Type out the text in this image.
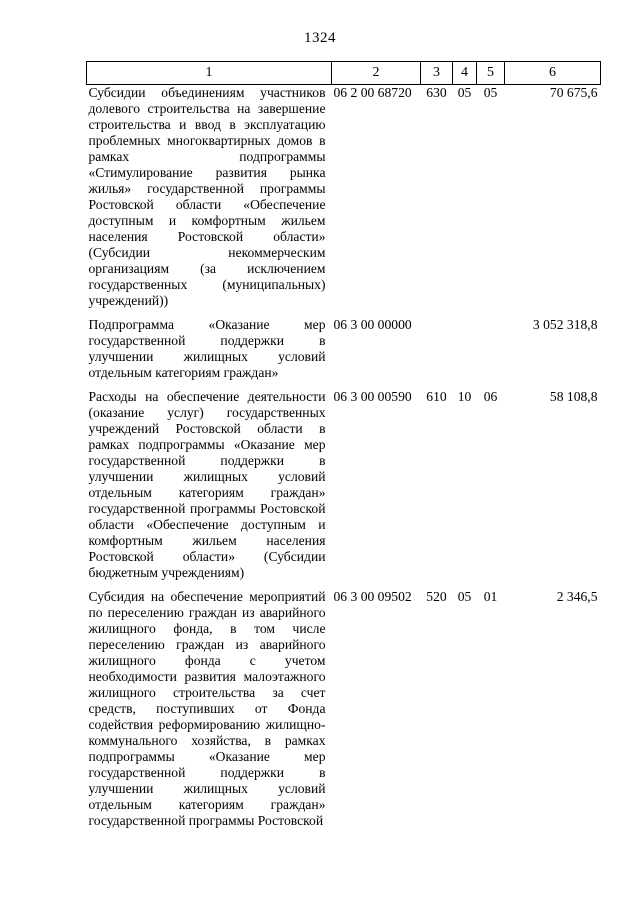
1324
1	2	3	4	5	6
Субсидии объединениям участников долевого строительства на завершение строительства и ввод в эксплуатацию проблемных многоквартирных домов в рамках подпрограммы «Стимулирование развития рынка жилья» государственной программы Ростовской области «Обеспечение доступным и комфортным жильем населения Ростовской области» (Субсидии некоммерческим организациям (за исключением государственных (муниципальных) учреждений))	06 2 00 68720	630	05	05	70 675,6

Подпрограмма «Оказание мер государственной поддержки в улучшении жилищных условий отдельным категориям граждан»	06 3 00 00000				3 052 318,8

Расходы на обеспечение деятельности (оказание услуг) государственных учреждений Ростовской области в рамках подпрограммы «Оказание мер государственной поддержки в улучшении жилищных условий отдельным категориям граждан» государственной программы Ростовской области «Обеспечение доступным и комфортным жильем населения Ростовской области» (Субсидии бюджетным учреждениям)	06 3 00 00590	610	10	06	58 108,8

Субсидия на обеспечение мероприятий по переселению граждан из аварийного жилищного фонда, в том числе переселению граждан из аварийного жилищного фонда с учетом необходимости развития малоэтажного жилищного строительства за счет средств, поступивших от Фонда содействия реформированию жилищно-коммунального хозяйства, в рамках подпрограммы «Оказание мер государственной поддержки в улучшении жилищных условий отдельным категориям граждан» государственной программы Ростовской	06 3 00 09502	520	05	01	2 346,5
